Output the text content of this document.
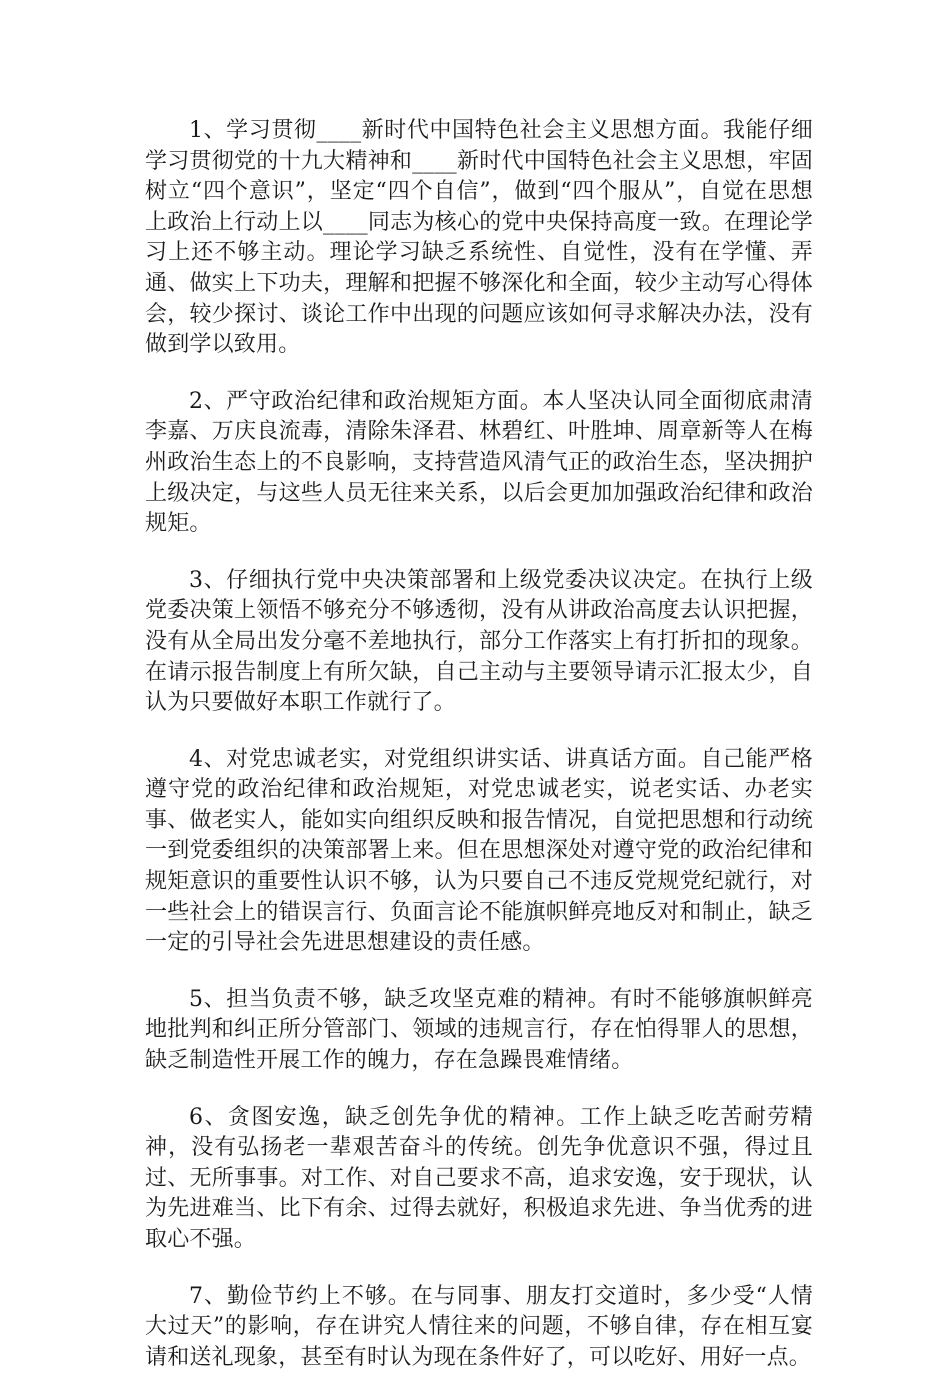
1、学习贯彻____新时代中国特色社会主义思想方面。我能仔细学习贯彻党的十九大精神和____新时代中国特色社会主义思想，牢固树立“四个意识”，坚定“四个自信”，做到“四个服从”，自觉在思想上政治上行动上以____同志为核心的党中央保持高度一致。在理论学习上还不够主动。理论学习缺乏系统性、自觉性，没有在学懂、弄通、做实上下功夫，理解和把握不够深化和全面，较少主动写心得体会，较少探讨、谈论工作中出现的问题应该如何寻求解决办法，没有做到学以致用。

2、严守政治纪律和政治规矩方面。本人坚决认同全面彻底肃清李嘉、万庆良流毒，清除朱泽君、林碧红、叶胜坤、周章新等人在梅州政治生态上的不良影响，支持营造风清气正的政治生态，坚决拥护上级决定，与这些人员无往来关系，以后会更加加强政治纪律和政治规矩。

3、仔细执行党中央决策部署和上级党委决议决定。在执行上级党委决策上领悟不够充分不够透彻，没有从讲政治高度去认识把握，没有从全局出发分毫不差地执行，部分工作落实上有打折扣的现象。在请示报告制度上有所欠缺，自己主动与主要领导请示汇报太少，自认为只要做好本职工作就行了。

4、对党忠诚老实，对党组织讲实话、讲真话方面。自己能严格遵守党的政治纪律和政治规矩，对党忠诚老实，说老实话、办老实事、做老实人，能如实向组织反映和报告情况，自觉把思想和行动统一到党委组织的决策部署上来。但在思想深处对遵守党的政治纪律和规矩意识的重要性认识不够，认为只要自己不违反党规党纪就行，对一些社会上的错误言行、负面言论不能旗帜鲜亮地反对和制止，缺乏一定的引导社会先进思想建设的责任感。

5、担当负责不够，缺乏攻坚克难的精神。有时不能够旗帜鲜亮地批判和纠正所分管部门、领域的违规言行，存在怕得罪人的思想，缺乏制造性开展工作的魄力，存在急躁畏难情绪。

6、贪图安逸，缺乏创先争优的精神。工作上缺乏吃苦耐劳精神，没有弘扬老一辈艰苦奋斗的传统。创先争优意识不强，得过且过、无所事事。对工作、对自己要求不高，追求安逸，安于现状，认为先进难当、比下有余、过得去就好，积极追求先进、争当优秀的进取心不强。

7、勤俭节约上不够。在与同事、朋友打交道时，多少受“人情大过天”的影响，存在讲究人情往来的问题，不够自律，存在相互宴请和送礼现象，甚至有时认为现在条件好了，可以吃好、用好一点。
